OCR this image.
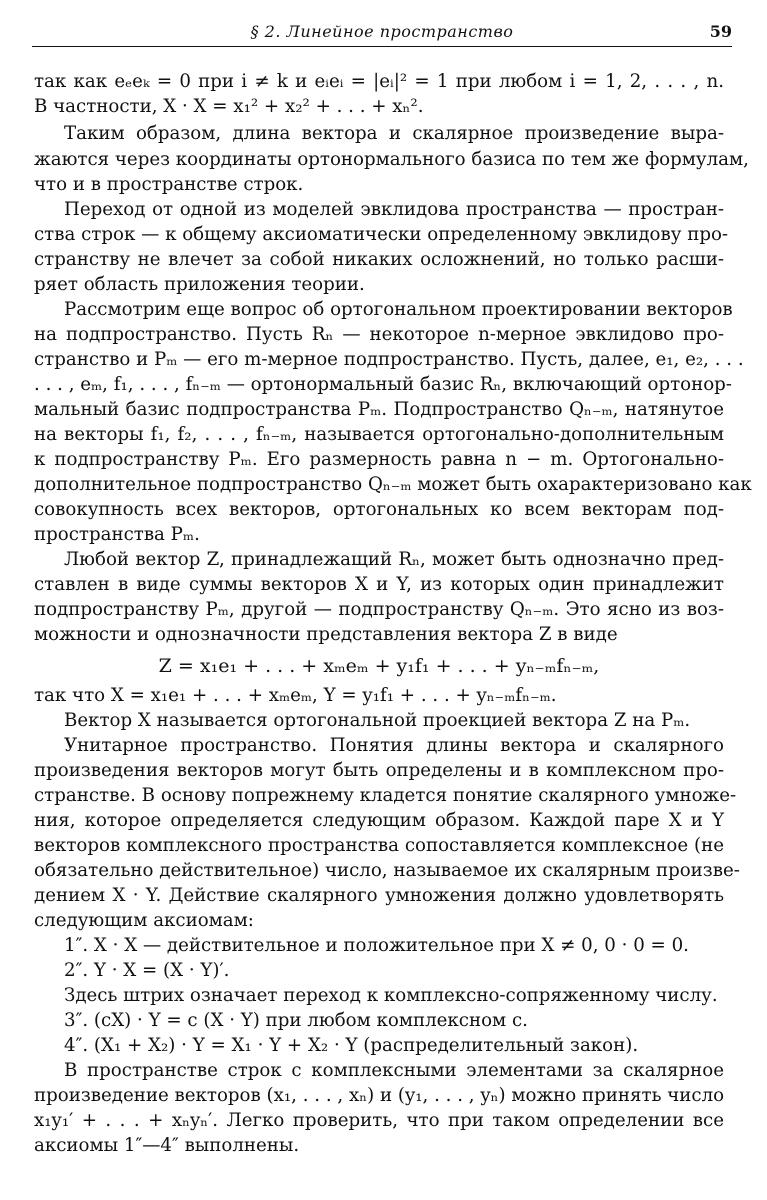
§ 2. Линейное пространство	59
так как eₑeₖ = 0 при i ≠ k и eᵢeᵢ = |eᵢ|² = 1 при любом i = 1, 2, . . . , n.
В частности, X · X = x₁² + x₂² + . . . + xₙ².
Таким образом, длина вектора и скалярное произведение выра-
жаются через координаты ортонормального базиса по тем же формулам,
что и в пространстве строк.
Переход от одной из моделей эвклидова пространства — простран-
ства строк — к общему аксиоматически определенному эвклидову про-
странству не влечет за собой никаких осложнений, но только расши-
ряет область приложения теории.
Рассмотрим еще вопрос об ортогональном проектировании векторов
на подпространство. Пусть Rₙ — некоторое n-мерное эвклидово про-
странство и Pₘ — его m-мерное подпространство. Пусть, далее, e₁, e₂, . . .
. . . , eₘ, f₁, . . . , fₙ₋ₘ — ортонормальный базис Rₙ, включающий ортонор-
мальный базис подпространства Pₘ. Подпространство Qₙ₋ₘ, натянутое
на векторы f₁, f₂, . . . , fₙ₋ₘ, называется ортогонально-дополнительным
к подпространству Pₘ. Его размерность равна n − m. Ортогонально-
дополнительное подпространство Qₙ₋ₘ может быть охарактеризовано как
совокупность всех векторов, ортогональных ко всем векторам под-
пространства Pₘ.
Любой вектор Z, принадлежащий Rₙ, может быть однозначно пред-
ставлен в виде суммы векторов X и Y, из которых один принадлежит
подпространству Pₘ, другой — подпространству Qₙ₋ₘ. Это ясно из воз-
можности и однозначности представления вектора Z в виде
Z = x₁e₁ + . . . + xₘeₘ + y₁f₁ + . . . + yₙ₋ₘfₙ₋ₘ,
так что X = x₁e₁ + . . . + xₘeₘ, Y = y₁f₁ + . . . + yₙ₋ₘfₙ₋ₘ.
Вектор X называется ортогональной проекцией вектора Z на Pₘ.
Унитарное пространство. Понятия длины вектора и скалярного
произведения векторов могут быть определены и в комплексном про-
странстве. В основу попрежнему кладется понятие скалярного умноже-
ния, которое определяется следующим образом. Каждой паре X и Y
векторов комплексного пространства сопоставляется комплексное (не
обязательно действительное) число, называемое их скалярным произве-
дением X · Y. Действие скалярного умножения должно удовлетворять
следующим аксиомам:
1″. X · X — действительное и положительное при X ≠ 0, 0 · 0 = 0.
2″. Y · X = (X · Y)′.
Здесь штрих означает переход к комплексно-сопряженному числу.
3″. (cX) · Y = c (X · Y) при любом комплексном c.
4″. (X₁ + X₂) · Y = X₁ · Y + X₂ · Y (распределительный закон).
В пространстве строк с комплексными элементами за скалярное
произведение векторов (x₁, . . . , xₙ) и (y₁, . . . , yₙ) можно принять число
x₁y₁′ + . . . + xₙyₙ′. Легко проверить, что при таком определении все
аксиомы 1″—4″ выполнены.
